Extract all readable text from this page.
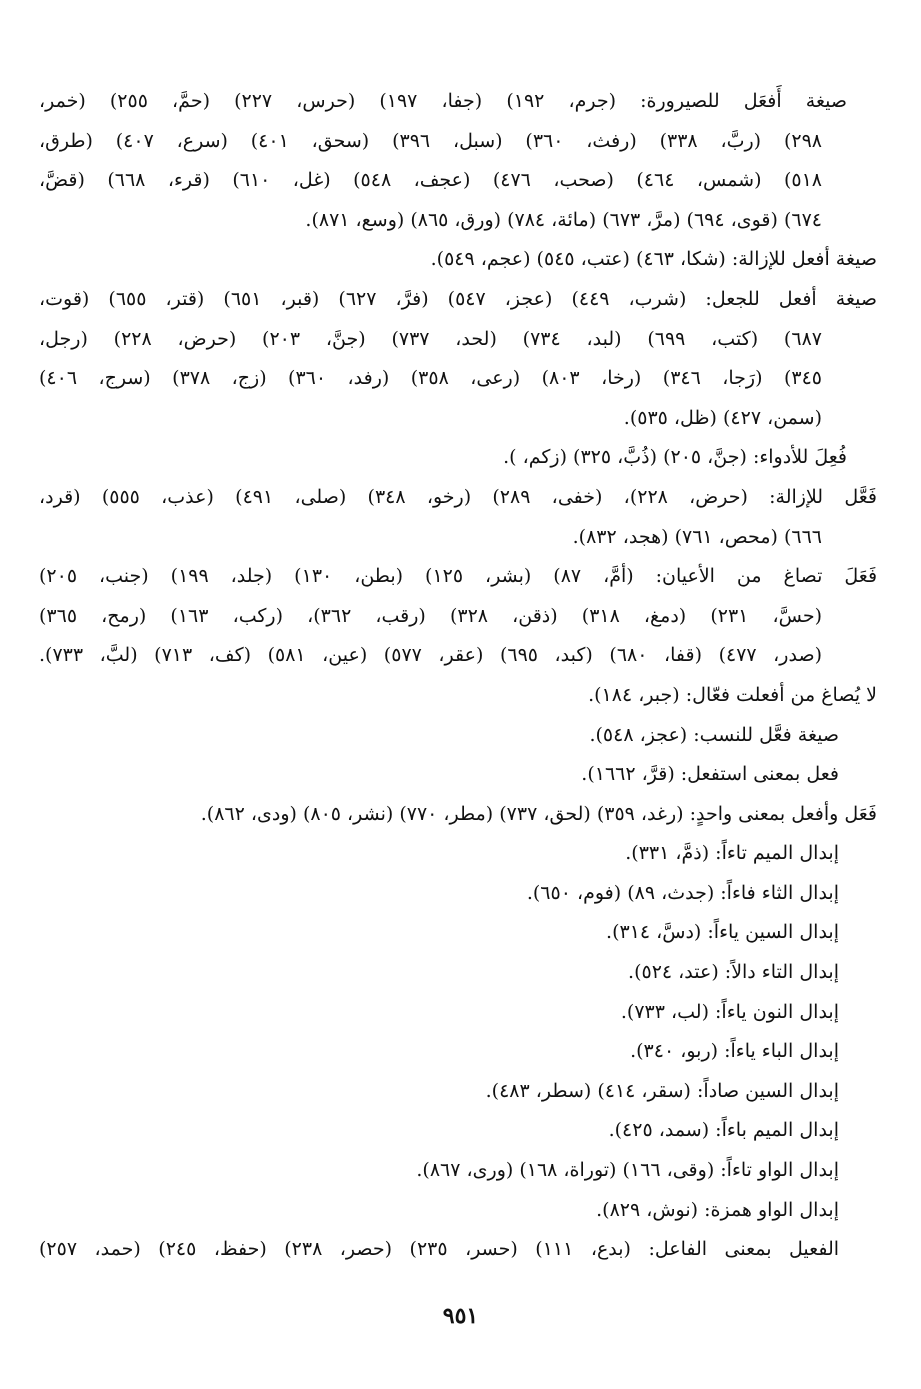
صيغة أَفعَل للصيرورة: (جرم، ١٩٢) (جفا، ١٩٧) (حرس، ٢٢٧) (حمَّ، ٢٥٥) (خمر،
٢٩٨) (ربَّ، ٣٣٨) (رفث، ٣٦٠) (سبل، ٣٩٦) (سحق، ٤٠١) (سرع، ٤٠٧) (طرق،
٥١٨) (شمس، ٤٦٤) (صحب، ٤٧٦) (عجف، ٥٤٨) (غل، ٦١٠) (قرء، ٦٦٨) (قضَّ،
٦٧٤) (قوى، ٦٩٤) (مرَّ، ٦٧٣) (مائة، ٧٨٤) (ورق، ٨٦٥) (وسع، ٨٧١).
صيغة أفعل للإزالة: (شكا، ٤٦٣) (عتب، ٥٤٥) (عجم، ٥٤٩).
صيغة أفعل للجعل: (شرب، ٤٤٩) (عجز، ٥٤٧) (فرَّ، ٦٢٧) (قبر، ٦٥١) (قتر، ٦٥٥) (قوت،
٦٨٧) (كتب، ٦٩٩) (لبد، ٧٣٤) (لحد، ٧٣٧) (جنَّ، ٢٠٣) (حرض، ٢٢٨) (رجل،
٣٤٥) (رَجا، ٣٤٦) (رخا، ٨٠٣) (رعى، ٣٥٨) (رفد، ٣٦٠) (زج، ٣٧٨) (سرج، ٤٠٦)
(سمن، ٤٢٧) (ظل، ٥٣٥).
فُعِلَ للأدواء: (جنَّ، ٢٠٥) (ذُبَّ، ٣٢٥) (زكم، ).
فَعَّل للإزالة: (حرض، ٢٢٨)، (خفى، ٢٨٩) (رخو، ٣٤٨) (صلى، ٤٩١) (عذب، ٥٥٥) (قرد،
٦٦٦) (محص، ٧٦١) (هجد، ٨٣٢).
فَعَلَ تصاغ من الأعيان: (أمَّ، ٨٧) (بشر، ١٢٥) (بطن، ١٣٠) (جلد، ١٩٩) (جنب، ٢٠٥)
(حسَّ، ٢٣١) (دمغ، ٣١٨) (ذقن، ٣٢٨) (رقب، ٣٦٢)، (ركب، ١٦٣) (رمح، ٣٦٥)
(صدر، ٤٧٧) (قفا، ٦٨٠) (كبد، ٦٩٥) (عقر، ٥٧٧) (عين، ٥٨١) (كف، ٧١٣) (لبَّ، ٧٣٣).
لا يُصاغ من أفعلت فعّال: (جبر، ١٨٤).
صيغة فعَّل للنسب: (عجز، ٥٤٨).
فعل بمعنى استفعل: (قرَّ، ١٦٦٢).
فَعَل وأفعل بمعنى واحدٍ: (رغد، ٣٥٩) (لحق، ٧٣٧) (مطر، ٧٧٠) (نشر، ٨٠٥) (ودى، ٨٦٢).
إبدال الميم تاءاً: (ذمَّ، ٣٣١).
إبدال الثاء فاءاً: (جدث، ٨٩) (فوم، ٦٥٠).
إبدال السين ياءاً: (دسَّ، ٣١٤).
إبدال التاء دالاً: (عتد، ٥٢٤).
إبدال النون ياءاً: (لب، ٧٣٣).
إبدال الباء ياءاً: (ربو، ٣٤٠).
إبدال السين صاداً: (سقر، ٤١٤) (سطر، ٤٨٣).
إبدال الميم باءاً: (سمد، ٤٢٥).
إبدال الواو تاءاً: (وقى، ١٦٦) (توراة، ١٦٨) (ورى، ٨٦٧).
إبدال الواو همزة: (نوش، ٨٢٩).
الفعيل بمعنى الفاعل: (بدع، ١١١) (حسر، ٢٣٥) (حصر، ٢٣٨) (حفظ، ٢٤٥) (حمد، ٢٥٧)
٩٥١
